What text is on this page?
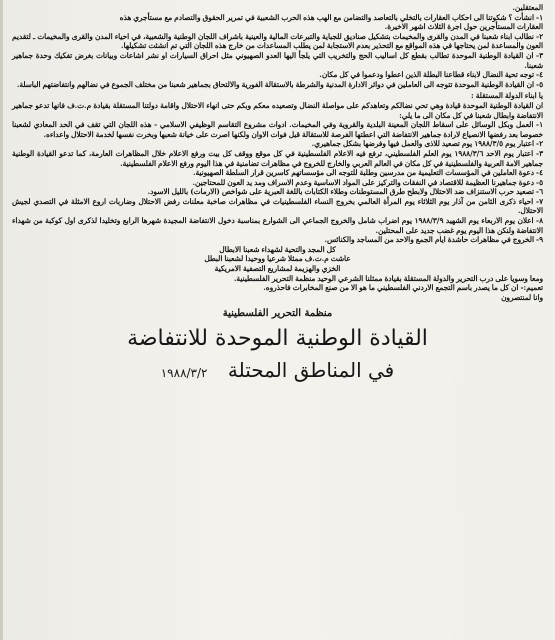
المعتقلين.

١- انشأت ؟ شكوتنا الى احكاب العقارات بالتخلي بالتعاصد والتضامن مع الهب هذه الحرب الشعبية في تمرير الحقوق والتصادم مع مستأجري هذه

العقارات المستأجرين حول اجرة الثلاث اشهر الاخيرة.

٢- نطالب ابناء شعبنا في المدن والقرى والمخيمات بتشكيل صناديق للجباية والتبرعات المالية والعينية باشراف اللجان الوطنية والشعبية، في احياء المدن والقرى والمخيمات ـ لتقديم العون والمساعدة لمن يحتاجها في هذه المواقع مع التحذير بعدم الاستجابة لمن يطلب المساعدات من خارج هذه اللجان التي تم انشئت تشكيلها.

٣- ان القيادة الوطنية الموحدة تطالب بقطع كل اساليب الحج والتخريب التي يلجأ اليها العدو الصهيوني مثل احراق السيارات او نشر اشاعات وبيانات بغرض تفكيك وحدة جماهير شعبنا.

٤- توجه تحية النضال لابناء قطاعنا البطلة الذين اعطوا ودعموا في كل مكان.

٥- ان القيادة الوطنية الموحدة تتوجه الى العاملين في دوائر الادارة المدنية والشرطة بالاستقالة الفورية والالتحاق بجماهير شعبنا من مختلف الجموع في نضالهم وانتفاضتهم الباسلة.

يا ابناء الدولة المستقلة :

ان القيادة الوطنية الموحدة قيادة وهي تحي نضالكم وتعاهدكم على مواصلة النضال وتصعيده معكم وبكم حتى انهاء الاحتلال واقامة دولتنا المستقلة بقيادة م.ت.ف فانها تدعو جماهير الانتفاضة وابطال شعبنا في كل مكان الى ما يلي:

١- العمل وبكل الوسائل على اسقاط اللجان المعينة البلدية والقروية وفي المخيمات. ادوات مشروع التقاسم الوظيفي الاسلامي - هذه اللجان التي تقف في الحد المعادي لشعبنا خصوصا بعد رفضها الانصياع لارادة جماهير الانتفاضة التي اعطتها الفرصة للاستقالة قبل فوات الاوان ولكنها اصرت على خيانة شعبها وبخرت نفسها لخدمة الاحتلال واعداءه.

٢- اعتبار يوم ١٩٨٨/٣/٥ يوم تصعيد للاذى والعمل فيها وفرضها بشكل جماهيري.

٣- اعتبار يوم الاحد ١٩٨٨/٣/٦ يوم العلم الفلسطيني، ترفع فيه الاعلام الفلسطينية في كل موقع ووقف كل بيت ورفع الاعلام خلال المظاهرات العارمة، كما تدعو القيادة الوطنية جماهير الامة العربية والفلسطينية في كل مكان في العالم العربي والخارج للخروج في مظاهرات تضامنية في هذا اليوم ورفع الاعلام الفلسطينية.

٤- دعوة العاملين في المؤسسات التعليمية من مدرسين وطلبة للتوجه الى مؤسساتهم كاسرين قرار السلطة الصهيونية.

٥- دعوة جماهيرنا العظيمة للاقتصاد في النفقات والتركيز على المواد الاساسية وعدم الاسراف ومد يد العون للمحتاجين.

٦- تصعيد حرب الاستنزاف ضد الاحتلال ولابطح طرق المستوطنات وطلاء الكتابات باللغة العبرية على شواخص (الارمات) بالليل الاسود.

٧- احياء ذكرى الثامن من آذار يوم الثلاثاء يوم المرأة العالمي بخروج النساء الفلسطينيات في مظاهرات صاخبة معلنات رفض الاحتلال وضاربات اروع الامثلة في التصدي لجيش الاحتلال.

٨- اعلان يوم الاربعاء يوم الشهيد ١٩٨٨/٣/٩ يوم اضراب شامل والخروج الجماعي الى الشوارع بمناسبة دخول الانتفاضة المجيدة شهرها الرابع وتخليدا لذكرى اول كوكبة من شهداء الانتفاضة ولنكن هذا اليوم يوم غضب جديد على المحتلين.

٩- الخروج في مظاهرات حاشدة ايام الجمع والاحد من المساجد والكنائس.

كل المجد والتحية لشهداء شعبنا الابطال

عاشت م.ت.ف ممثلا شرعيا ووحيدا لشعبنا البطل

الخزي والهزيمة لمشاريع التصفية الامريكية

ومعا وسويا على درب التحرير والدولة المستقلة بقيادة ممثلنا الشرعي الوحيد منظمة التحرير الفلسطينية.

تعميم:- ان كل ما يصدر باسم التجمع الاردني الفلسطيني ما هو الا من صنع المخابرات فاحذروه.

وانا لمنتصرون

منظمة التحرير الفلسطينية
القيادة الوطنية الموحدة للانتفاضة
في المناطق المحتلة ١٩٨٨/٣/٢
